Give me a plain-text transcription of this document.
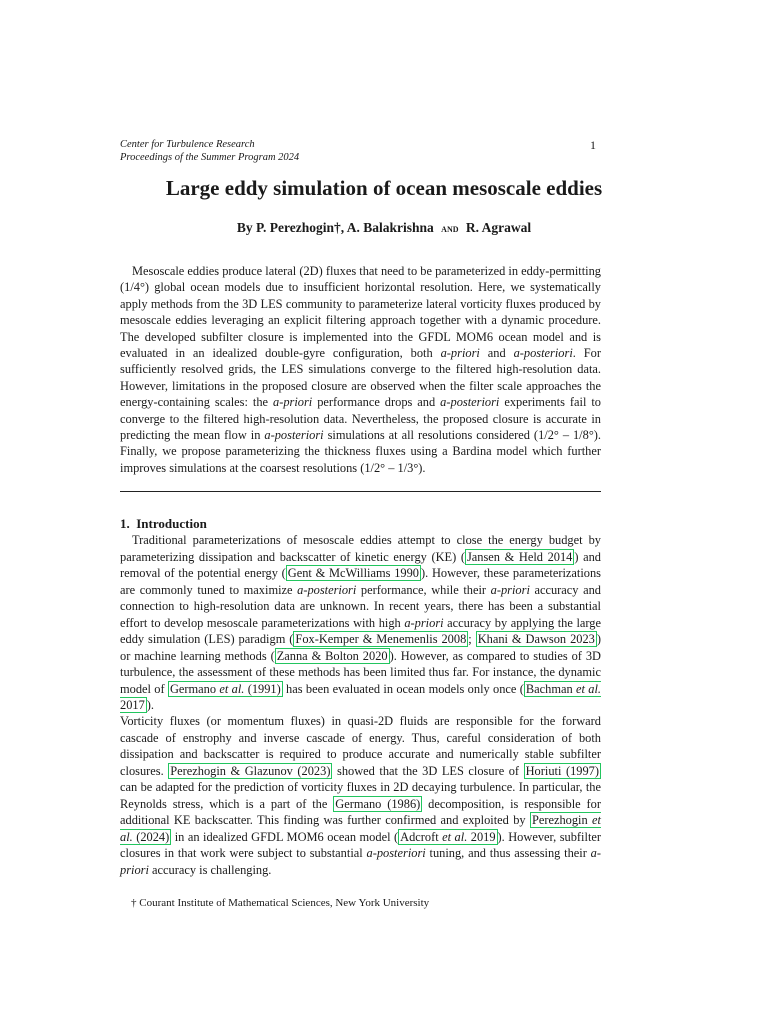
Center for Turbulence Research
Proceedings of the Summer Program 2024
1
Large eddy simulation of ocean mesoscale eddies
By P. Perezhogin†, A. Balakrishna and R. Agrawal

Mesoscale eddies produce lateral (2D) fluxes that need to be parameterized in eddy-permitting (1/4°) global ocean models due to insufficient horizontal resolution. Here, we systematically apply methods from the 3D LES community to parameterize lateral vorticity fluxes produced by mesoscale eddies leveraging an explicit filtering approach together with a dynamic procedure. The developed subfilter closure is implemented into the GFDL MOM6 ocean model and is evaluated in an idealized double-gyre configuration, both a-priori and a-posteriori. For sufficiently resolved grids, the LES simulations converge to the filtered high-resolution data. However, limitations in the proposed closure are observed when the filter scale approaches the energy-containing scales: the a-priori performance drops and a-posteriori experiments fail to converge to the filtered high-resolution data. Nevertheless, the proposed closure is accurate in predicting the mean flow in a-posteriori simulations at all resolutions considered (1/2° – 1/8°). Finally, we propose parameterizing the thickness fluxes using a Bardina model which further improves simulations at the coarsest resolutions (1/2° – 1/3°).

1. Introduction

Traditional parameterizations of mesoscale eddies attempt to close the energy budget by parameterizing dissipation and backscatter of kinetic energy (KE) ( Jansen & Held 2014 ) and removal of the potential energy ( Gent & McWilliams 1990 ). However, these parameterizations are commonly tuned to maximize a-posteriori performance, while their a-priori accuracy and connection to high-resolution data are unknown. In recent years, there has been a substantial effort to develop mesoscale parameterizations with high a-priori accuracy by applying the large eddy simulation (LES) paradigm ( Fox-Kemper & Menemenlis 2008 ; Khani & Dawson 2023 ) or machine learning methods ( Zanna & Bolton 2020 ). However, as compared to studies of 3D turbulence, the assessment of these methods has been limited thus far. For instance, the dynamic model of Germano et al. (1991) has been evaluated in ocean models only once ( Bachman et al. 2017 ).

Vorticity fluxes (or momentum fluxes) in quasi-2D fluids are responsible for the forward cascade of enstrophy and inverse cascade of energy. Thus, careful consideration of both dissipation and backscatter is required to produce accurate and numerically stable subfilter closures. Perezhogin & Glazunov (2023) showed that the 3D LES closure of Horiuti (1997) can be adapted for the prediction of vorticity fluxes in 2D decaying turbulence. In particular, the Reynolds stress, which is a part of the Germano (1986) decomposition, is responsible for additional KE backscatter. This finding was further confirmed and exploited by Perezhogin et al. (2024) in an idealized GFDL MOM6 ocean model ( Adcroft et al. 2019 ). However, subfilter closures in that work were subject to substantial a-posteriori tuning, and thus assessing their a-priori accuracy is challenging.

† Courant Institute of Mathematical Sciences, New York University
